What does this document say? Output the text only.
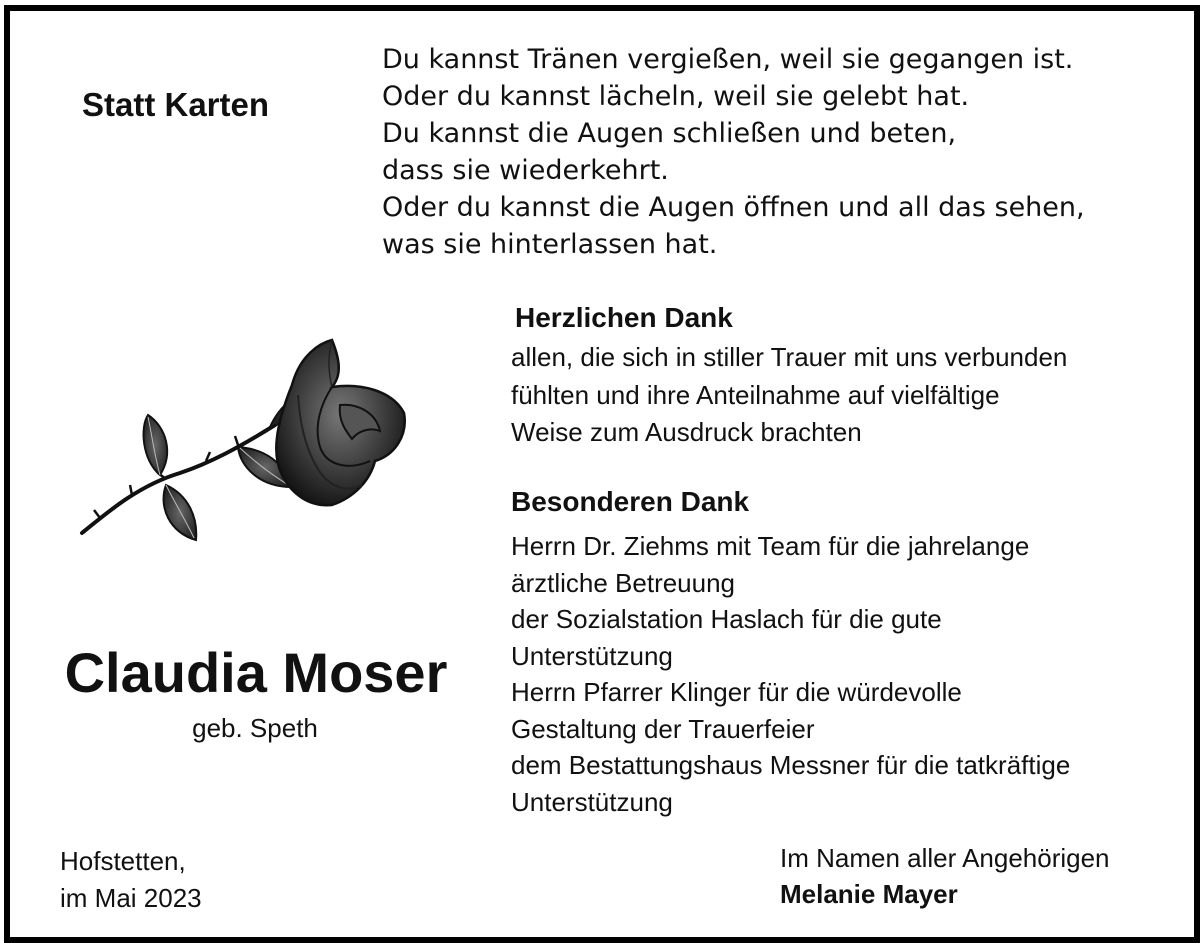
Statt Karten
Du kannst Tränen vergießen, weil sie gegangen ist.
Oder du kannst lächeln, weil sie gelebt hat.
Du kannst die Augen schließen und beten,
dass sie wiederkehrt.
Oder du kannst die Augen öffnen und all das sehen,
was sie hinterlassen hat.
Herzlichen Dank
allen, die sich in stiller Trauer mit uns verbunden
fühlten und ihre Anteilnahme auf vielfältige
Weise zum Ausdruck brachten
Besonderen Dank
Herrn Dr. Ziehms mit Team für die jahrelange
ärztliche Betreuung
der Sozialstation Haslach für die gute
Unterstützung
Herrn Pfarrer Klinger für die würdevolle
Gestaltung der Trauerfeier
dem Bestattungshaus Messner für die tatkräftige
Unterstützung
Claudia Moser
geb. Speth
Hofstetten,
im Mai 2023
Im Namen aller Angehörigen
Melanie Mayer
